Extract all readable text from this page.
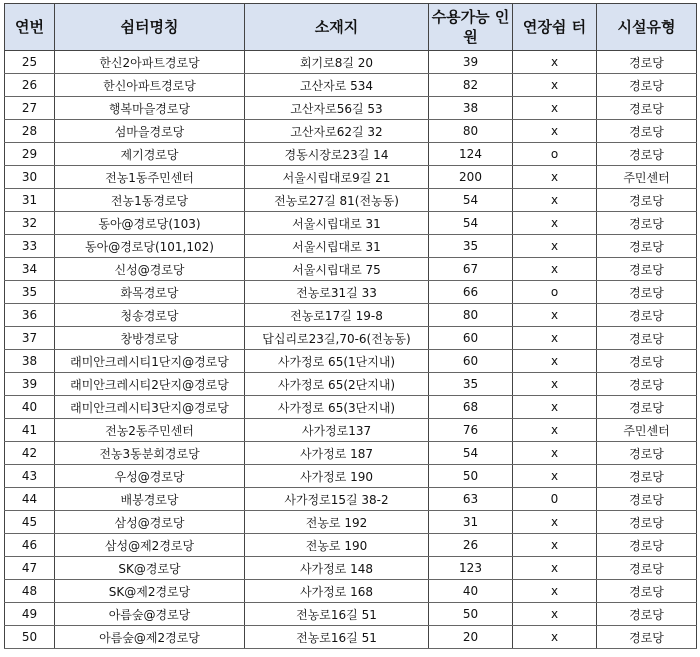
연번	쉼터명칭	소재지	수용가능 인원	연장쉼 터	시설유형
25	한신2아파트경로당	회기로8길 20	39	x	경로당
26	한신아파트경로당	고산자로 534	82	x	경로당
27	행복마을경로당	고산자로56길 53	38	x	경로당
28	섬마을경로당	고산자로62길 32	80	x	경로당
29	제기경로당	경동시장로23길 14	124	o	경로당
30	전농1동주민센터	서울시립대로9길 21	200	x	주민센터
31	전농1동경로당	전농로27길 81(전농동)	54	x	경로당
32	동아@경로당(103)	서울시립대로 31	54	x	경로당
33	동아@경로당(101,102)	서울시립대로 31	35	x	경로당
34	신성@경로당	서울시립대로 75	67	x	경로당
35	화목경로당	전농로31길 33	66	o	경로당
36	청송경로당	전농로17길 19-8	80	x	경로당
37	창방경로당	답십리로23길,70-6(전농동)	60	x	경로당
38	래미안크레시티1단지@경로당	사가정로 65(1단지내)	60	x	경로당
39	래미안크레시티2단지@경로당	사가정로 65(2단지내)	35	x	경로당
40	래미안크레시티3단지@경로당	사가정로 65(3단지내)	68	x	경로당
41	전농2동주민센터	사가정로137	76	x	주민센터
42	전농3동분회경로당	사가정로 187	54	x	경로당
43	우성@경로당	사가정로 190	50	x	경로당
44	배봉경로당	사가정로15길 38-2	63	0	경로당
45	삼성@경로당	전농로 192	31	x	경로당
46	삼성@제2경로당	전농로 190	26	x	경로당
47	SK@경로당	사가정로 148	123	x	경로당
48	SK@제2경로당	사가정로 168	40	x	경로당
49	아름숲@경로당	전농로16길 51	50	x	경로당
50	아름숲@제2경로당	전농로16길 51	20	x	경로당
